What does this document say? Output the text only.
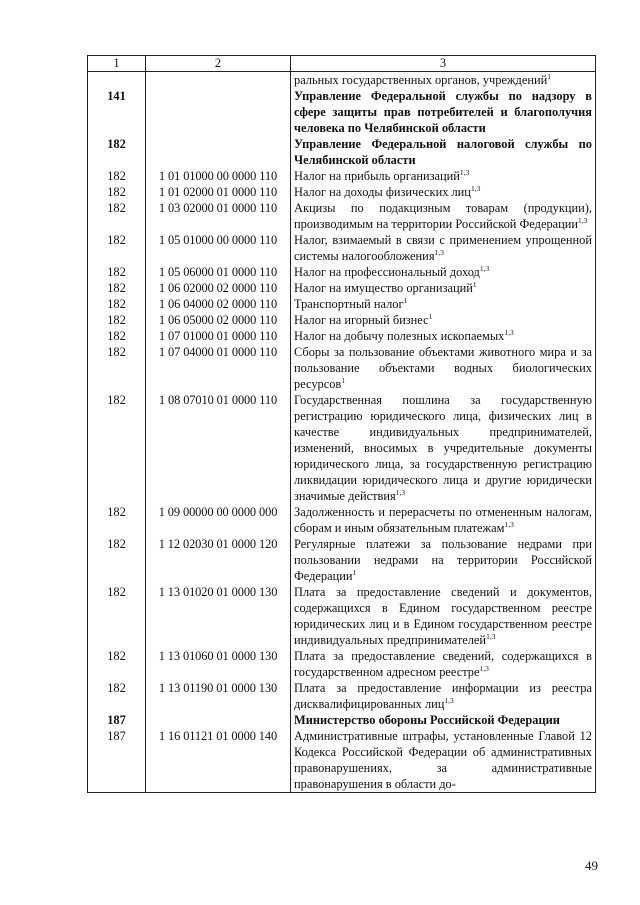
1	2	3
		ральных государственных органов, учреждений$^1$
141		Управление Федеральной службы по надзору в сфере защиты прав потребителей и благополучия человека по Челябинской области
182		Управление Федеральной налоговой службы по Челябинской области
182	1 01 01000 00 0000 110	Налог на прибыль организаций$^{1,3}$
182	1 01 02000 01 0000 110	Налог на доходы физических лиц$^{1,3}$
182	1 03 02000 01 0000 110	Акцизы по подакцизным товарам (продукции), производимым на территории Российской Федерации$^{1,3}$
182	1 05 01000 00 0000 110	Налог, взимаемый в связи с применением упрощенной системы налогообложения$^{1,3}$
182	1 05 06000 01 0000 110	Налог на профессиональный доход$^{1,3}$
182	1 06 02000 02 0000 110	Налог на имущество организаций$^1$
182	1 06 04000 02 0000 110	Транспортный налог$^1$
182	1 06 05000 02 0000 110	Налог на игорный бизнес$^1$
182	1 07 01000 01 0000 110	Налог на добычу полезных ископаемых$^{1,3}$
182	1 07 04000 01 0000 110	Сборы за пользование объектами животного мира и за пользование объектами водных биологических ресурсов$^1$
182	1 08 07010 01 0000 110	Государственная пошлина за государственную регистрацию юридического лица, физических лиц в качестве индивидуальных предпринимателей, изменений, вносимых в учредительные документы юридического лица, за государственную регистрацию ликвидации юридического лица и другие юридически значимые действия$^{1,3}$
182	1 09 00000 00 0000 000	Задолженность и перерасчеты по отмененным налогам, сборам и иным обязательным платежам$^{1,3}$
182	1 12 02030 01 0000 120	Регулярные платежи за пользование недрами при пользовании недрами на территории Российской Федерации$^1$
182	1 13 01020 01 0000 130	Плата за предоставление сведений и документов, содержащихся в Едином государственном реестре юридических лиц и в Едином государственном реестре индивидуальных предпринимателей$^{1,3}$
182	1 13 01060 01 0000 130	Плата за предоставление сведений, содержащихся в государственном адресном реестре$^{1,3}$
182	1 13 01190 01 0000 130	Плата за предоставление информации из реестра дисквалифицированных лиц$^{1,3}$
187		Министерство обороны Российской Федерации
187	1 16 01121 01 0000 140	Административные штрафы, установленные Главой 12 Кодекса Российской Федерации об административных правонарушениях, за административные правонарушения в области до-
49
